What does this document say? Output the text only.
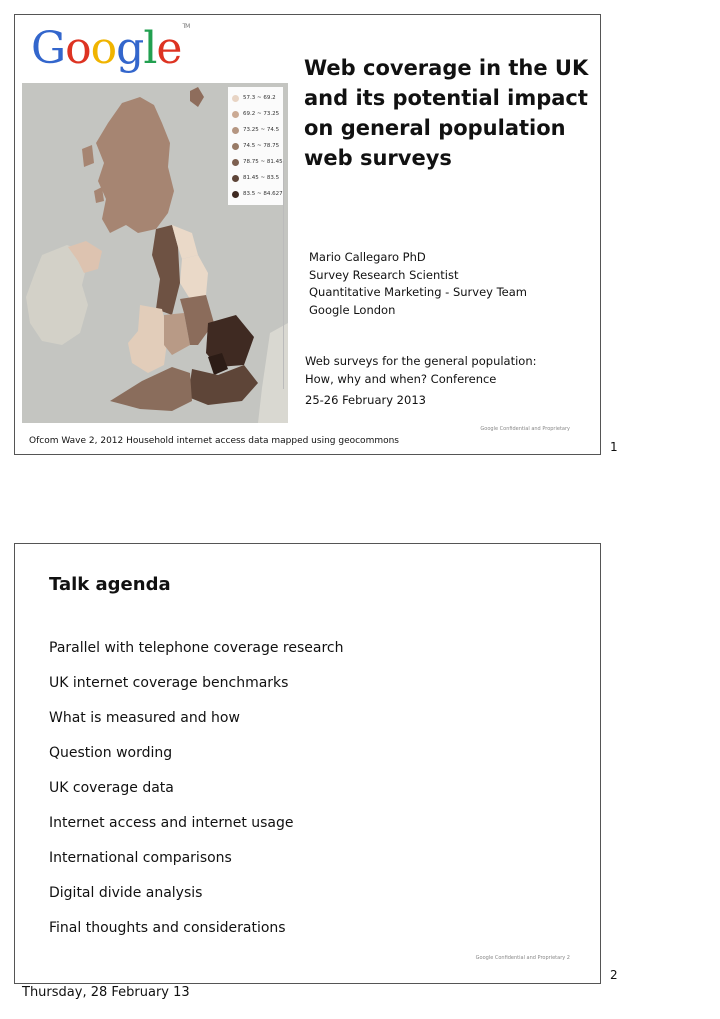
Google™
57.3 ~ 69.2
69.2 ~ 73.25
73.25 ~ 74.5
74.5 ~ 78.75
78.75 ~ 81.45
81.45 ~ 83.5
83.5 ~ 84.627
Web coverage in the UK
and its potential impact
on general population
web surveys
Mario Callegaro PhD
Survey Research Scientist
Quantitative Marketing - Survey Team
Google London
Web surveys for the general population:
How, why and when? Conference
25-26 February 2013
Google Confidential and Proprietary
Ofcom Wave 2, 2012 Household internet access data mapped using geocommons	1
Talk agenda
Parallel with telephone coverage research
UK internet coverage benchmarks
What is measured and how
Question wording
UK coverage data
Internet access and internet usage
International comparisons
Digital divide analysis
Final thoughts and considerations
Google Confidential and Proprietary 2
2
Thursday, 28 February 13
